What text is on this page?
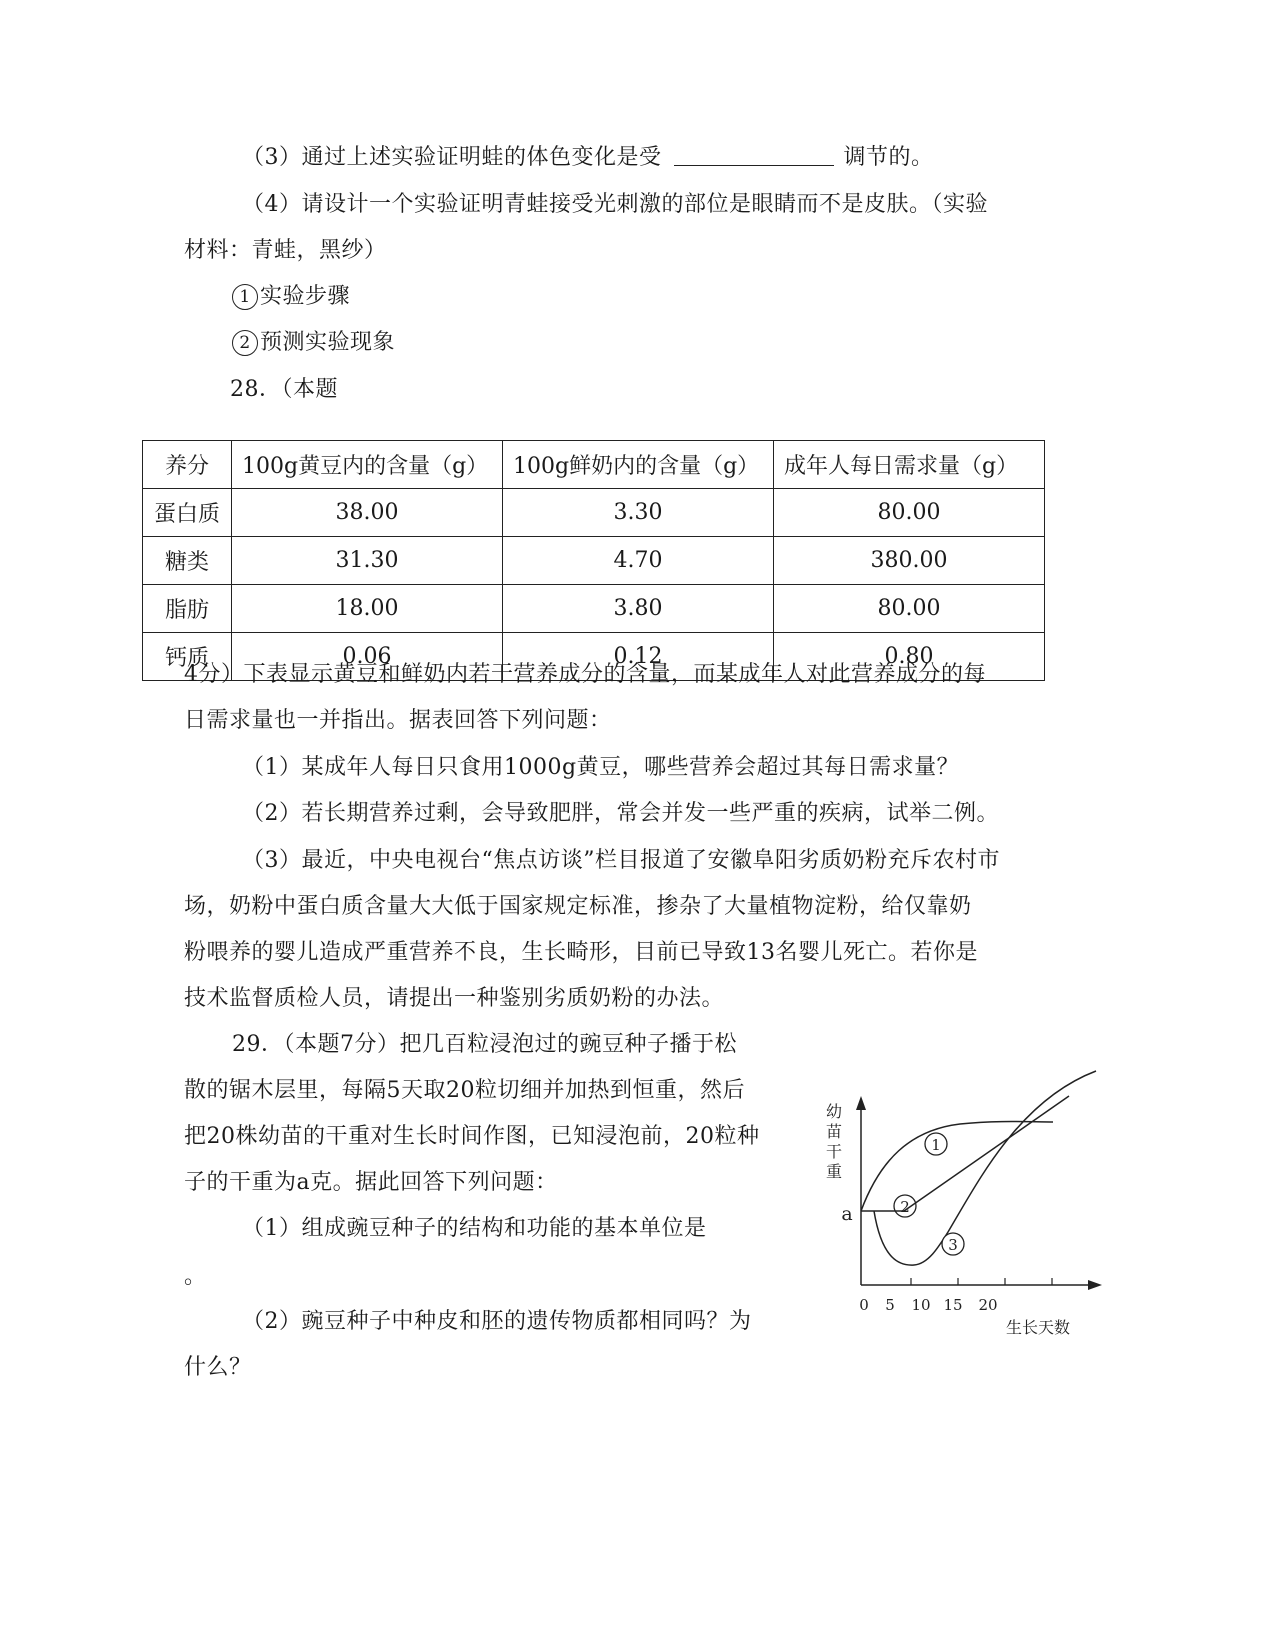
（3）通过上述实验证明蛙的体色变化是受	调节的。
（4）请设计一个实验证明青蛙接受光刺激的部位是眼睛而不是皮肤。（实验
材料：青蛙，黑纱）
1 实验步骤
2 预测实验现象
28．（本题
养分	100g黄豆内的含量（g）	100g鲜奶内的含量（g）	成年人每日需求量（g）
蛋白质	38.00	3.30	80.00
糖类	31.30	4.70	380.00
脂肪	18.00	3.80	80.00
钙质	0.06	0.12	0.80
4分）下表显示黄豆和鲜奶内若干营养成分的含量，而某成年人对此营养成分的每
日需求量也一并指出。据表回答下列问题：
（1）某成年人每日只食用1000g黄豆，哪些营养会超过其每日需求量？
（2）若长期营养过剩，会导致肥胖，常会并发一些严重的疾病，试举二例。
（3）最近，中央电视台“焦点访谈”栏目报道了安徽阜阳劣质奶粉充斥农村市
场，奶粉中蛋白质含量大大低于国家规定标准，掺杂了大量植物淀粉，给仅靠奶
粉喂养的婴儿造成严重营养不良，生长畸形，目前已导致13名婴儿死亡。若你是
技术监督质检人员，请提出一种鉴别劣质奶粉的办法。
29．（本题7分）把几百粒浸泡过的豌豆种子播于松
散的锯木层里，每隔5天取20粒切细并加热到恒重，然后
把20株幼苗的干重对生长时间作图，已知浸泡前，20粒种
子的干重为a克。据此回答下列问题：
（1）组成豌豆种子的结构和功能的基本单位是
。
（2）豌豆种子中种皮和胚的遗传物质都相同吗？为
什么？
幼
苗
干
重
0 5 10 15 20
生长天数
a
1
2
3
